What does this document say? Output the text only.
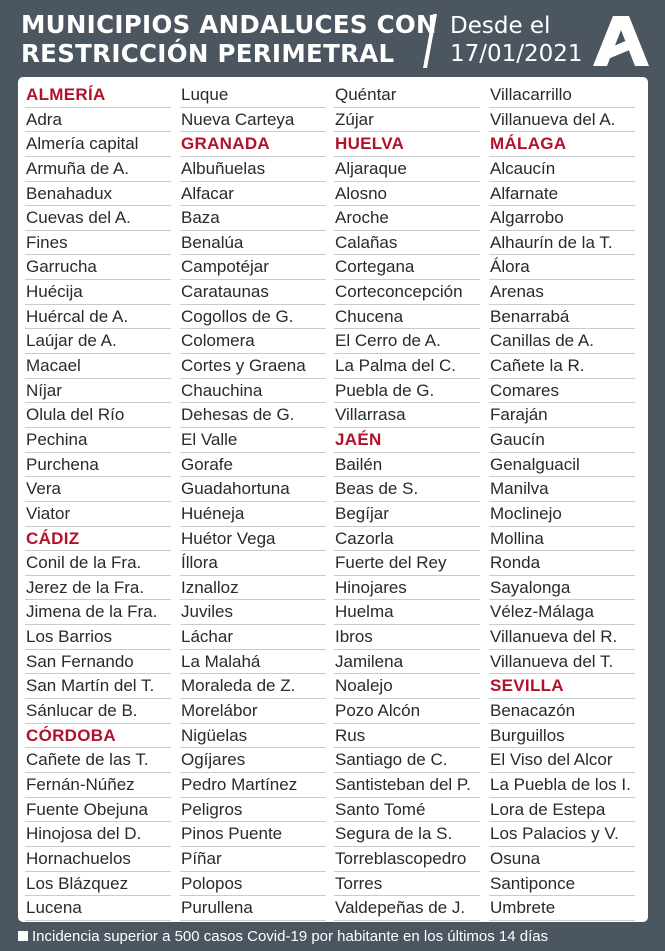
MUNICIPIOS ANDALUCES CON
RESTRICCIÓN PERIMETRAL
Desde el
17/01/2021
ALMERÍA
Adra
Almería capital
Armuña de A.
Benahadux
Cuevas del A.
Fines
Garrucha
Huécija
Huércal de A.
Laújar de A.
Macael
Níjar
Olula del Río
Pechina
Purchena
Vera
Viator
CÁDIZ
Conil de la Fra.
Jerez de la Fra.
Jimena de la Fra.
Los Barrios
San Fernando
San Martín del T.
Sánlucar de B.
CÓRDOBA
Cañete de las T.
Fernán-Núñez
Fuente Obejuna
Hinojosa del D.
Hornachuelos
Los Blázquez
Lucena
Luque
Nueva Carteya
GRANADA
Albuñuelas
Alfacar
Baza
Benalúa
Campotéjar
Carataunas
Cogollos de G.
Colomera
Cortes y Graena
Chauchina
Dehesas de G.
El Valle
Gorafe
Guadahortuna
Huéneja
Huétor Vega
Íllora
Iznalloz
Juviles
Láchar
La Malahá
Moraleda de Z.
Morelábor
Nigüelas
Ogíjares
Pedro Martínez
Peligros
Pinos Puente
Píñar
Polopos
Purullena
Quéntar
Zújar
HUELVA
Aljaraque
Alosno
Aroche
Calañas
Cortegana
Corteconcepción
Chucena
El Cerro de A.
La Palma del C.
Puebla de G.
Villarrasa
JAÉN
Bailén
Beas de S.
Begíjar
Cazorla
Fuerte del Rey
Hinojares
Huelma
Ibros
Jamilena
Noalejo
Pozo Alcón
Rus
Santiago de C.
Santisteban del P.
Santo Tomé
Segura de la S.
Torreblascopedro
Torres
Valdepeñas de J.
Villacarrillo
Villanueva del A.
MÁLAGA
Alcaucín
Alfarnate
Algarrobo
Alhaurín de la T.
Álora
Arenas
Benarrabá
Canillas de A.
Cañete la R.
Comares
Faraján
Gaucín
Genalguacil
Manilva
Moclinejo
Mollina
Ronda
Sayalonga
Vélez-Málaga
Villanueva del R.
Villanueva del T.
SEVILLA
Benacazón
Burguillos
El Viso del Alcor
La Puebla de los I.
Lora de Estepa
Los Palacios y V.
Osuna
Santiponce
Umbrete
Incidencia superior a 500 casos Covid-19 por habitante en los últimos 14 días
